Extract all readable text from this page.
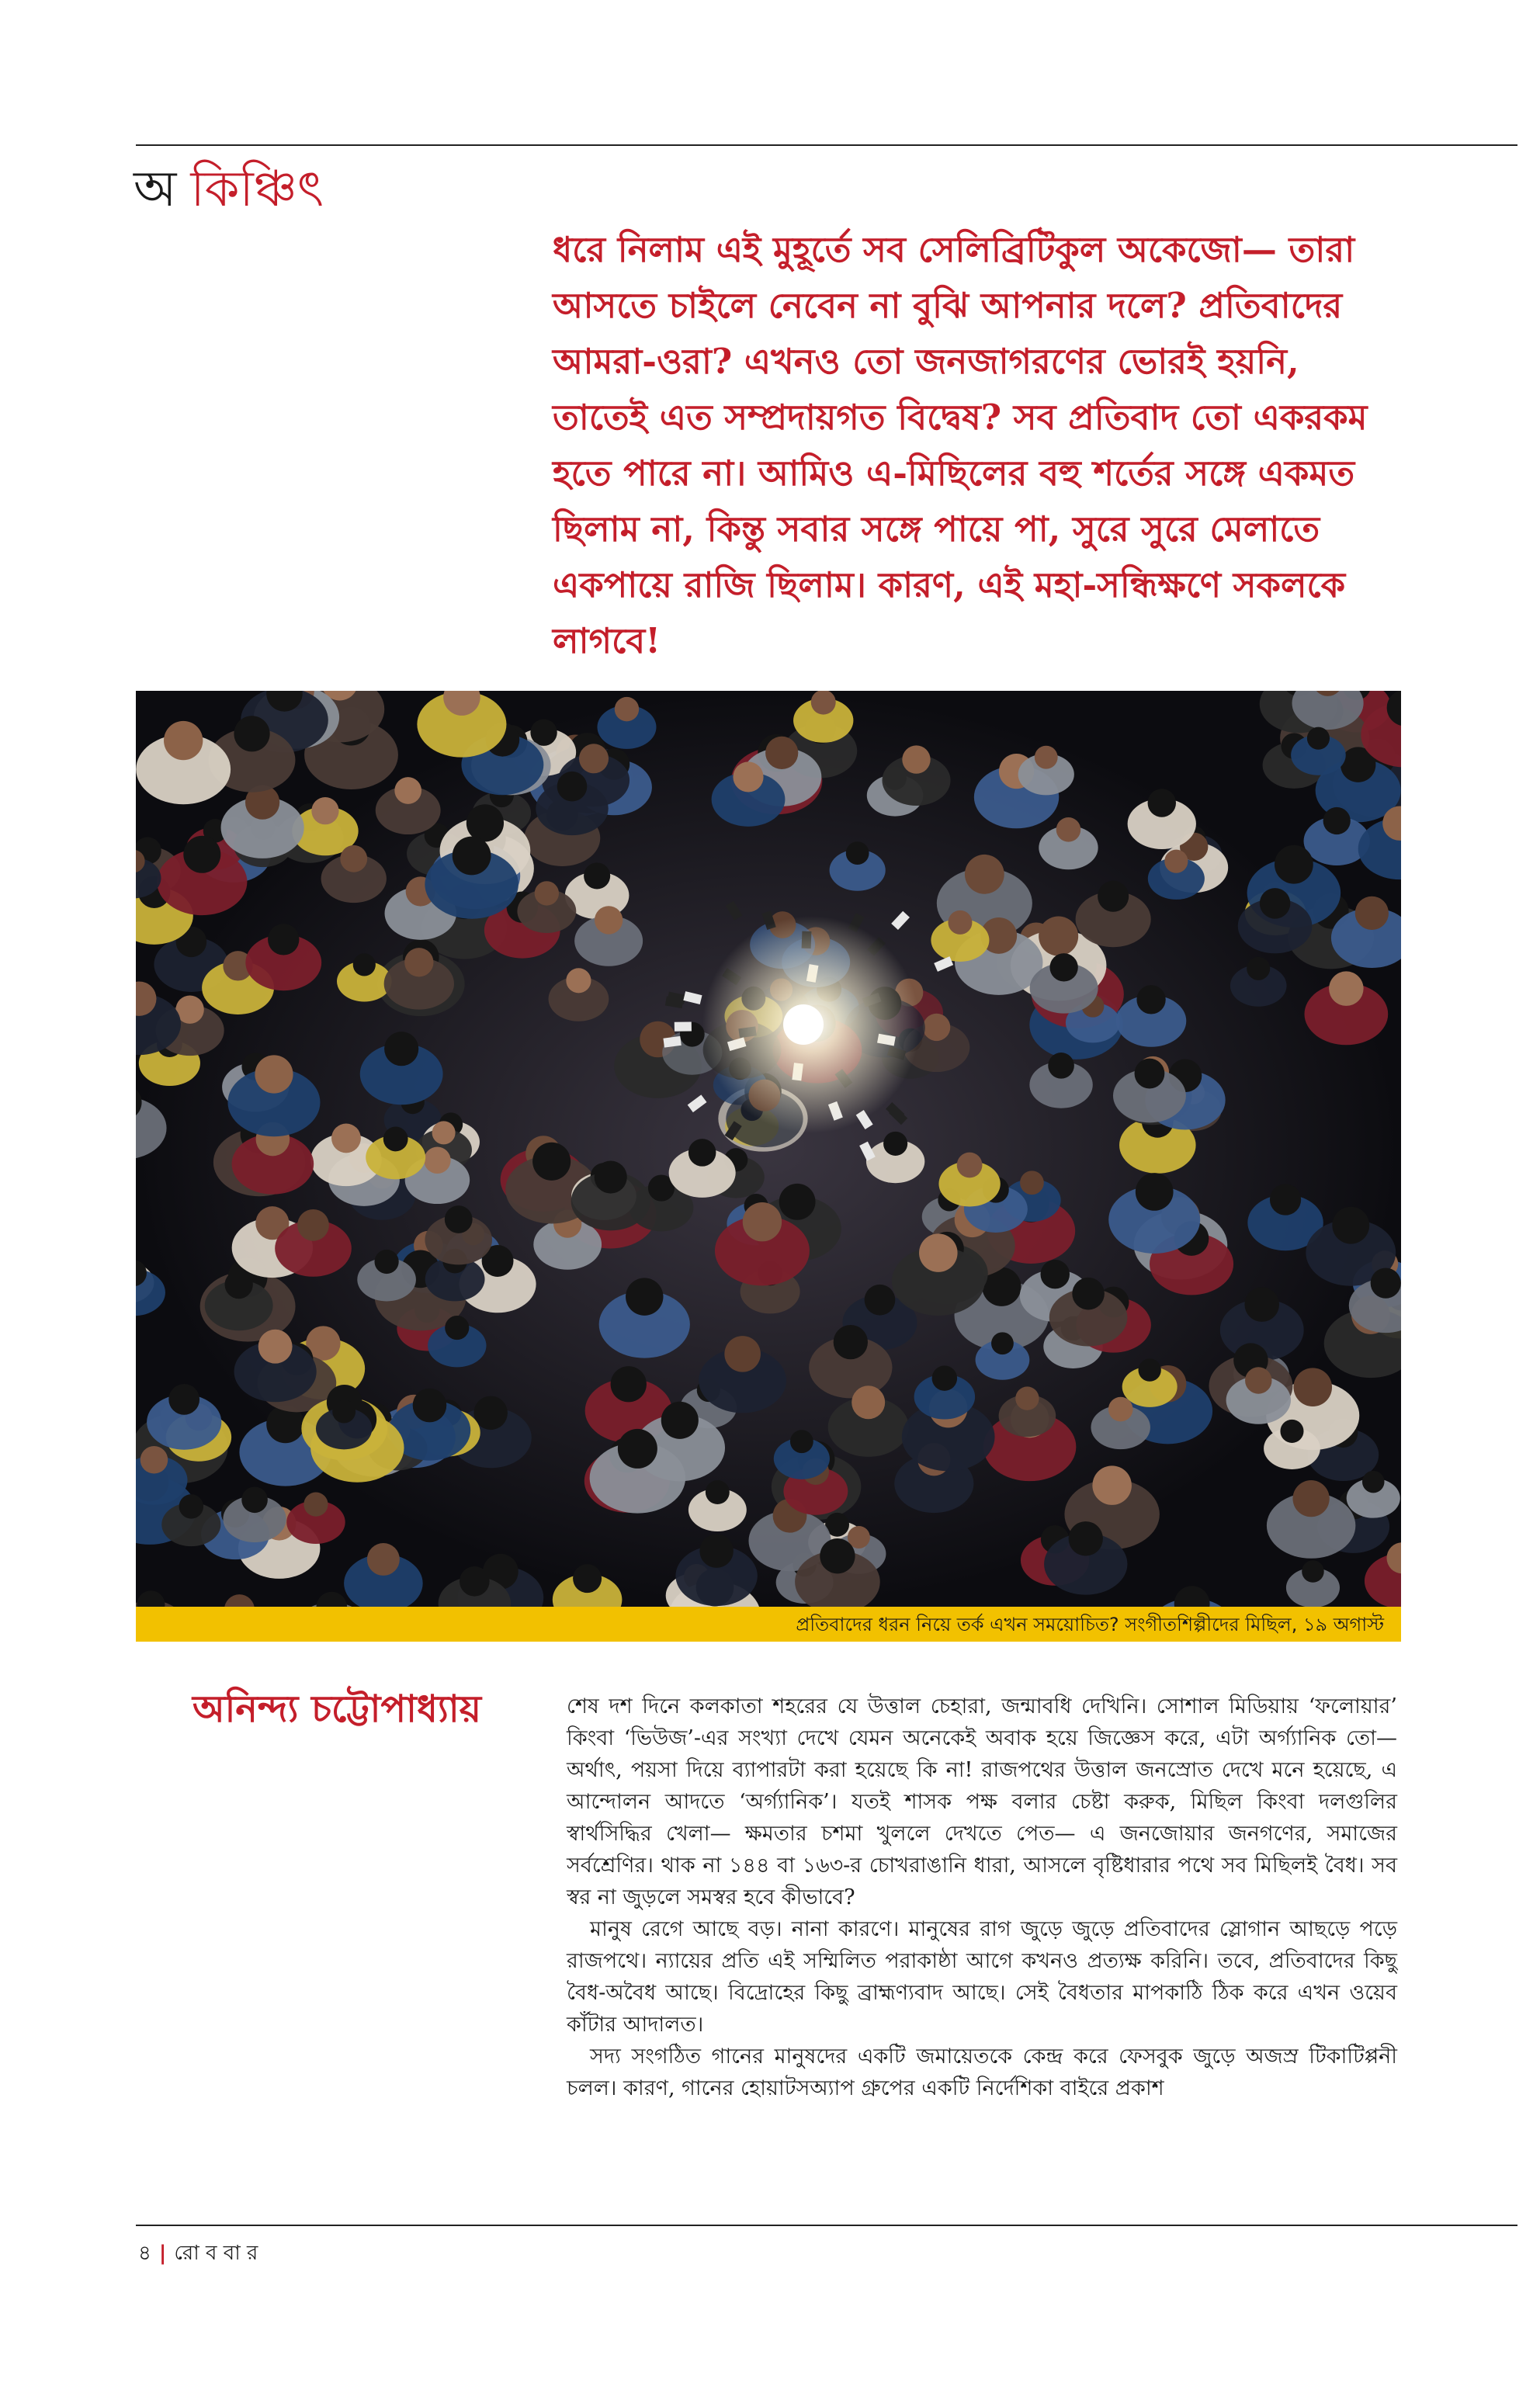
অ কিঞ্চিৎ
ধরে নিলাম এই মুহূর্তে সব সেলিব্রিটিকুল অকেজো— তারা আসতে চাইলে নেবেন না বুঝি আপনার দলে? প্রতিবাদের আমরা-ওরা? এখনও তো জনজাগরণের ভোরই হয়নি, তাতেই এত সম্প্রদায়গত বিদ্বেষ? সব প্রতিবাদ তো একরকম হতে পারে না। আমিও এ-মিছিলের বহু শর্তের সঙ্গে একমত ছিলাম না, কিন্তু সবার সঙ্গে পায়ে পা, সুরে সুরে মেলাতে একপায়ে রাজি ছিলাম। কারণ, এই মহা-সন্ধিক্ষণে সকলকে লাগবে!
প্রতিবাদের ধরন নিয়ে তর্ক এখন সময়োচিত? সংগীতশিল্পীদের মিছিল, ১৯ অগাস্ট
অনিন্দ্য চট্টোপাধ্যায়	শেষ দশ দিনে কলকাতা শহরের যে উত্তাল চেহারা, জন্মাবধি দেখিনি। সোশাল মিডিয়ায় ‘ফলোয়ার’ কিংবা ‘ভিউজ’-এর সংখ্যা দেখে যেমন অনেকেই অবাক হয়ে জিজ্ঞেস করে, এটা অর্গ্যানিক তো— অর্থাৎ, পয়সা দিয়ে ব্যাপারটা করা হয়েছে কি না! রাজপথের উত্তাল জনস্রোত দেখে মনে হয়েছে, এ আন্দোলন আদতে ‘অর্গ্যানিক’। যতই শাসক পক্ষ বলার চেষ্টা করুক, মিছিল কিংবা দলগুলির স্বার্থসিদ্ধির খেলা— ক্ষমতার চশমা খুললে দেখতে পেত— এ জনজোয়ার জনগণের, সমাজের সর্বশ্রেণির। থাক না ১৪৪ বা ১৬৩-র চোখরাঙানি ধারা, আসলে বৃষ্টিধারার পথে সব মিছিলই বৈধ। সব স্বর না জুড়লে সমস্বর হবে কীভাবে?

মানুষ রেগে আছে বড়। নানা কারণে। মানুষের রাগ জুড়ে জুড়ে প্রতিবাদের স্লোগান আছড়ে পড়ে রাজপথে। ন্যায়ের প্রতি এই সম্মিলিত পরাকাষ্ঠা আগে কখনও প্রত্যক্ষ করিনি। তবে, প্রতিবাদের কিছু বৈধ-অবৈধ আছে। বিদ্রোহের কিছু ব্রাহ্মণ্যবাদ আছে। সেই বৈধতার মাপকাঠি ঠিক করে এখন ওয়েব কাঁটার আদালত।

সদ্য সংগঠিত গানের মানুষদের একটি জমায়েতকে কেন্দ্র করে ফেসবুক জুড়ে অজস্র টিকাটিপ্পনী চলল। কারণ, গানের হোয়াটসঅ্যাপ গ্রুপের একটি নির্দেশিকা বাইরে প্রকাশ

৪ | রো ব বা র
